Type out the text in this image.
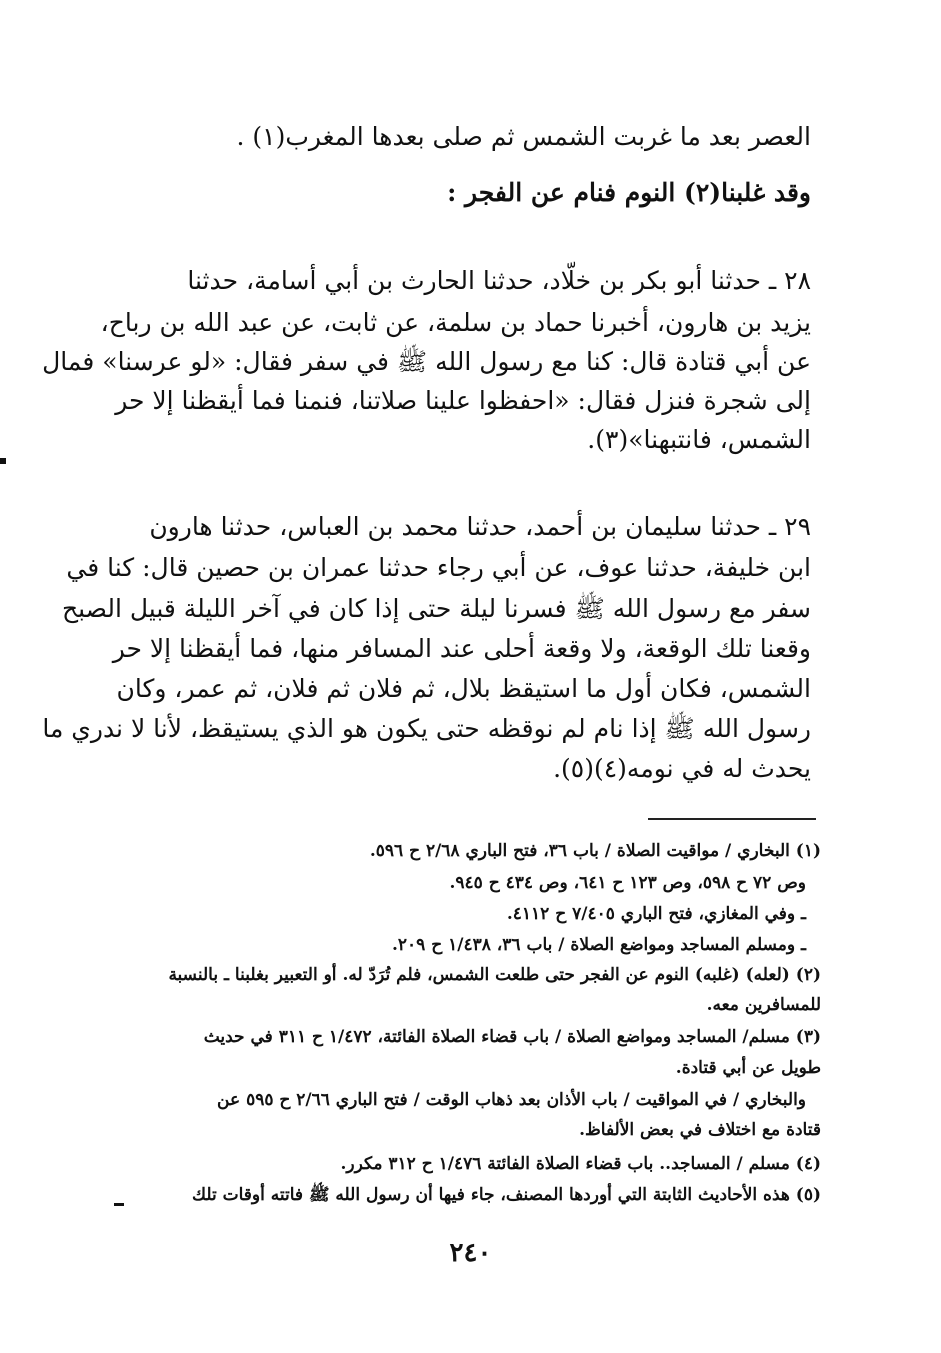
العصر بعد ما غربت الشمس ثم صلى بعدها المغرب(١) .
وقد غلبنا(٢) النوم فنام عن الفجر :
٢٨ ـ حدثنا أبو بكر بن خلّاد، حدثنا الحارث بن أبي أسامة، حدثنا
يزيد بن هارون، أخبرنا حماد بن سلمة، عن ثابت، عن عبد الله بن رباح،
عن أبي قتادة قال: كنا مع رسول الله ﷺ في سفر فقال: «لو عرسنا» فمال
إلى شجرة فنزل فقال: «احفظوا علينا صلاتنا، فنمنا فما أيقظنا إلا حر
الشمس، فانتبهنا»(٣).
٢٩ ـ حدثنا سليمان بن أحمد، حدثنا محمد بن العباس، حدثنا هارون
ابن خليفة، حدثنا عوف، عن أبي رجاء حدثنا عمران بن حصين قال: كنا في
سفر مع رسول الله ﷺ فسرنا ليلة حتى إذا كان في آخر الليلة قبيل الصبح
وقعنا تلك الوقعة، ولا وقعة أحلى عند المسافر منها، فما أيقظنا إلا حر
الشمس، فكان أول ما استيقظ بلال، ثم فلان ثم فلان، ثم عمر، وكان
رسول الله ﷺ إذا نام لم نوقظه حتى يكون هو الذي يستيقظ، لأنا لا ندري ما
يحدث له في نومه(٤)(٥).
(١) البخاري / مواقيت الصلاة / باب ٣٦، فتح الباري ٢/٦٨ ح ٥٩٦.
وص ٧٢ ح ٥٩٨، وص ١٢٣ ح ٦٤١، وص ٤٣٤ ح ٩٤٥.
ـ وفي المغازي، فتح الباري ٧/٤٠٥ ح ٤١١٢.
ـ ومسلم المساجد ومواضع الصلاة / باب ٣٦، ١/٤٣٨ ح ٢٠٩.
(٢) (لعله) (غلبه) النوم عن الفجر حتى طلعت الشمس، فلم تُرَدّ له. أو التعبير بغلبنا ـ بالنسبة
للمسافرين معه.
(٣) مسلم/ المساجد ومواضع الصلاة / باب قضاء الصلاة الفائتة، ١/٤٧٢ ح ٣١١ في حديث
طويل عن أبي قتادة.
والبخاري / في المواقيت / باب الأذان بعد ذهاب الوقت / فتح الباري ٢/٦٦ ح ٥٩٥ عن
قتادة مع اختلاف في بعض الألفاظ.
(٤) مسلم / المساجد.. باب قضاء الصلاة الفائتة ١/٤٧٦ ح ٣١٢ مكرر.
(٥) هذه الأحاديث الثابتة التي أوردها المصنف، جاء فيها أن رسول الله ﷺ فاتته أوقات تلك
٢٤٠
